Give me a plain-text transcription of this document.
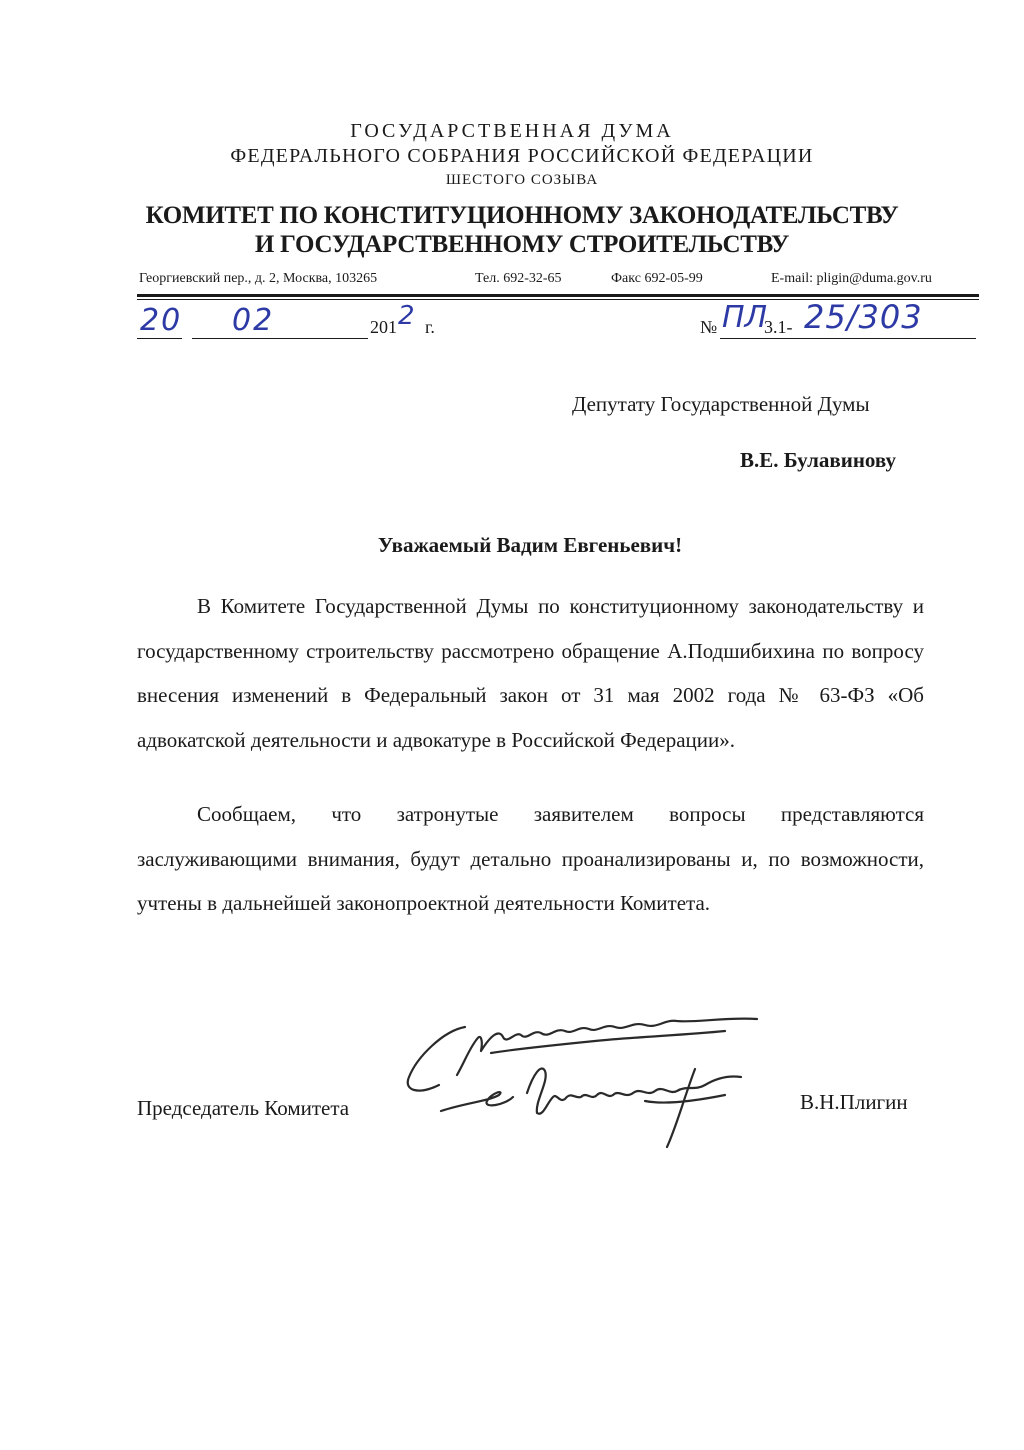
ГОСУДАРСТВЕННАЯ ДУМА
ФЕДЕРАЛЬНОГО СОБРАНИЯ РОССИЙСКОЙ ФЕДЕРАЦИИ
ШЕСТОГО СОЗЫВА
КОМИТЕТ ПО КОНСТИТУЦИОННОМУ ЗАКОНОДАТЕЛЬСТВУ
И ГОСУДАРСТВЕННОМУ СТРОИТЕЛЬСТВУ
Георгиевский пер., д. 2, Москва, 103265	Тел. 692-32-65	Факс 692-05-99	E-mail: pligin@duma.gov.ru
20 02	201 2 г.	№ ПЛ
3.1- 25/303
Депутату Государственной Думы
В.Е. Булавинову
Уважаемый Вадим Евгеньевич!

В Комитете Государственной Думы по конституционному законодательству и государственному строительству рассмотрено обращение А.Подшибихина по вопросу внесения изменений в Федеральный закон от 31 мая 2002 года № 63-ФЗ «Об адвокатской деятельности и адвокатуре в Российской Федерации».

Сообщаем, что затронутые заявителем вопросы представляются заслуживающими внимания, будут детально проанализированы и, по возможности, учтены в дальнейшей законопроектной деятельности Комитета.

Председатель Комитета	В.Н.Плигин
